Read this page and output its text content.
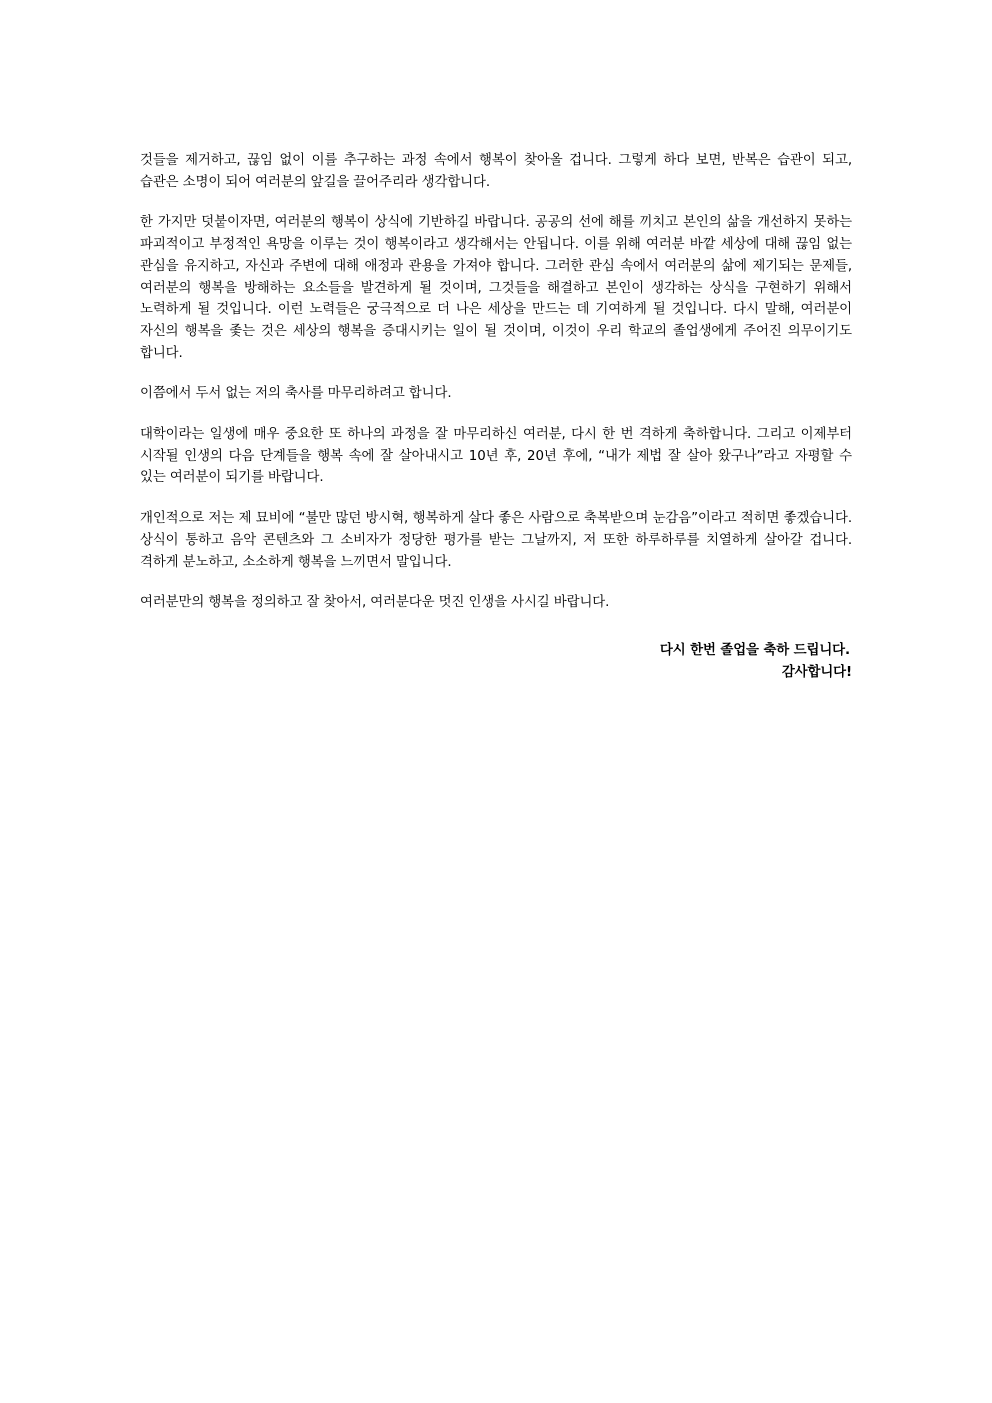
것들을 제거하고, 끊임 없이 이를 추구하는 과정 속에서 행복이 찾아올 겁니다. 그렇게 하다 보면, 반복은 습관이 되고, 습관은 소명이 되어 여러분의 앞길을 끌어주리라 생각합니다.

한 가지만 덧붙이자면, 여러분의 행복이 상식에 기반하길 바랍니다. 공공의 선에 해를 끼치고 본인의 삶을 개선하지 못하는 파괴적이고 부정적인 욕망을 이루는 것이 행복이라고 생각해서는 안됩니다. 이를 위해 여러분 바깥 세상에 대해 끊임 없는 관심을 유지하고, 자신과 주변에 대해 애정과 관용을 가져야 합니다. 그러한 관심 속에서 여러분의 삶에 제기되는 문제들, 여러분의 행복을 방해하는 요소들을 발견하게 될 것이며, 그것들을 해결하고 본인이 생각하는 상식을 구현하기 위해서 노력하게 될 것입니다. 이런 노력들은 궁극적으로 더 나은 세상을 만드는 데 기여하게 될 것입니다. 다시 말해, 여러분이 자신의 행복을 좇는 것은 세상의 행복을 증대시키는 일이 될 것이며, 이것이 우리 학교의 졸업생에게 주어진 의무이기도 합니다.

이쯤에서 두서 없는 저의 축사를 마무리하려고 합니다.

대학이라는 일생에 매우 중요한 또 하나의 과정을 잘 마무리하신 여러분, 다시 한 번 격하게 축하합니다. 그리고 이제부터 시작될 인생의 다음 단계들을 행복 속에 잘 살아내시고 10년 후, 20년 후에, “내가 제법 잘 살아 왔구나”라고 자평할 수 있는 여러분이 되기를 바랍니다.

개인적으로 저는 제 묘비에 “불만 많던 방시혁, 행복하게 살다 좋은 사람으로 축복받으며 눈감음”이라고 적히면 좋겠습니다. 상식이 통하고 음악 콘텐츠와 그 소비자가 정당한 평가를 받는 그날까지, 저 또한 하루하루를 치열하게 살아갈 겁니다. 격하게 분노하고, 소소하게 행복을 느끼면서 말입니다.

여러분만의 행복을 정의하고 잘 찾아서, 여러분다운 멋진 인생을 사시길 바랍니다.

다시 한번 졸업을 축하 드립니다.
감사합니다!
